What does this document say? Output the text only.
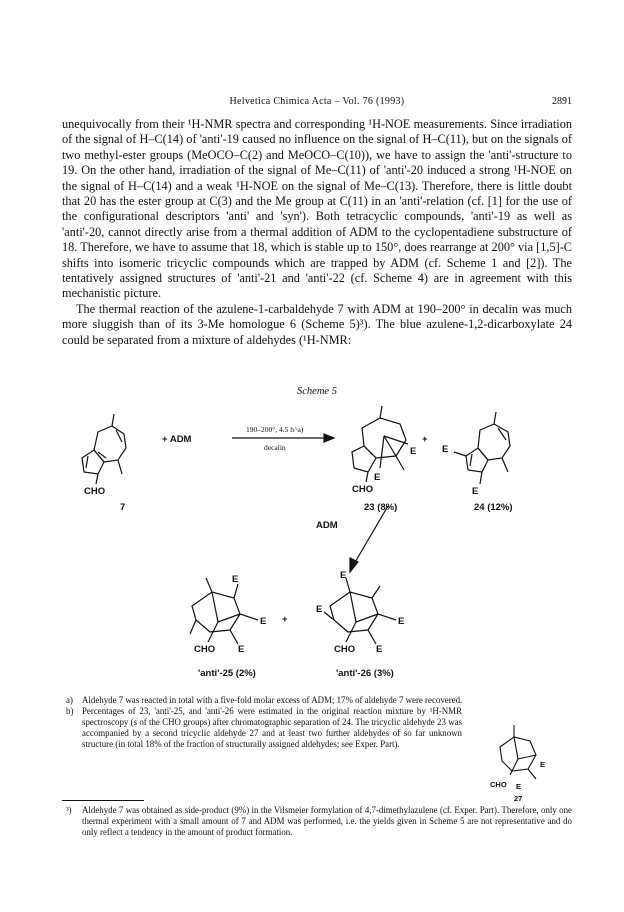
Helvetica Chimica Acta – Vol. 76 (1993)	2891

unequivocally from their ¹H-NMR spectra and corresponding ¹H-NOE measurements. Since irradiation of the signal of H–C(14) of 'anti'-19 caused no influence on the signal of H–C(11), but on the signals of two methyl-ester groups (MeOCO–C(2) and MeOCO–C(10)), we have to assign the 'anti'-structure to 19. On the other hand, irradiation of the signal of Me–C(11) of 'anti'-20 induced a strong ¹H-NOE on the signal of H–C(14) and a weak ¹H-NOE on the signal of Me–C(13). Therefore, there is little doubt that 20 has the ester group at C(3) and the Me group at C(11) in an 'anti'-relation (cf. [1] for the use of the configurational descriptors 'anti' and 'syn'). Both tetracyclic compounds, 'anti'-19 as well as 'anti'-20, cannot directly arise from a thermal addition of ADM to the cyclopentadiene substructure of 18. Therefore, we have to assume that 18, which is stable up to 150°, does rearrange at 200° via [1,5]-C shifts into isomeric tricyclic compounds which are trapped by ADM (cf. Scheme 1 and [2]). The tentatively assigned structures of 'anti'-21 and 'anti'-22 (cf. Scheme 4) are in agreement with this mechanistic picture.

The thermal reaction of the azulene-1-carbaldehyde 7 with ADM at 190–200° in decalin was much more sluggish than of its 3-Me homologue 6 (Scheme 5)³). The blue azulene-1,2-dicarboxylate 24 could be separated from a mixture of aldehydes (¹H-NMR:

Scheme 5
+ ADM	+
ADM
+
CHO	CHO
E
E	E
E
E
E
E
CHO
E
E
E
E
CHO
7	23 (8%)	24 (12%)
'anti'-25 (2%)	'anti'-26 (3%)
190–200°, 4.5 h^a)
decalin
a) Aldehyde 7 was reacted in total with a five-fold molar excess of ADM; 17% of aldehyde 7 were recovered.
b) Percentages of 23, 'anti'-25, and 'anti'-26 were estimated in the original reaction mixture by ¹H-NMR spectroscopy (s of the CHO groups) after chromatographic separation of 24. The tricyclic aldehyde 23 was accompanied by a second tricyclic aldehyde 27 and at least two further aldehydes of so far unknown structure (in total 18% of the fraction of structurally assigned aldehydes; see Exper. Part).
CHO
E
E
27
³) Aldehyde 7 was obtained as side-product (9%) in the Vilsmeier formylation of 4,7-dimethylazulene (cf. Exper. Part). Therefore, only one thermal experiment with a small amount of 7 and ADM was performed, i.e. the yields given in Scheme 5 are not representative and do only reflect a tendency in the amount of product formation.
